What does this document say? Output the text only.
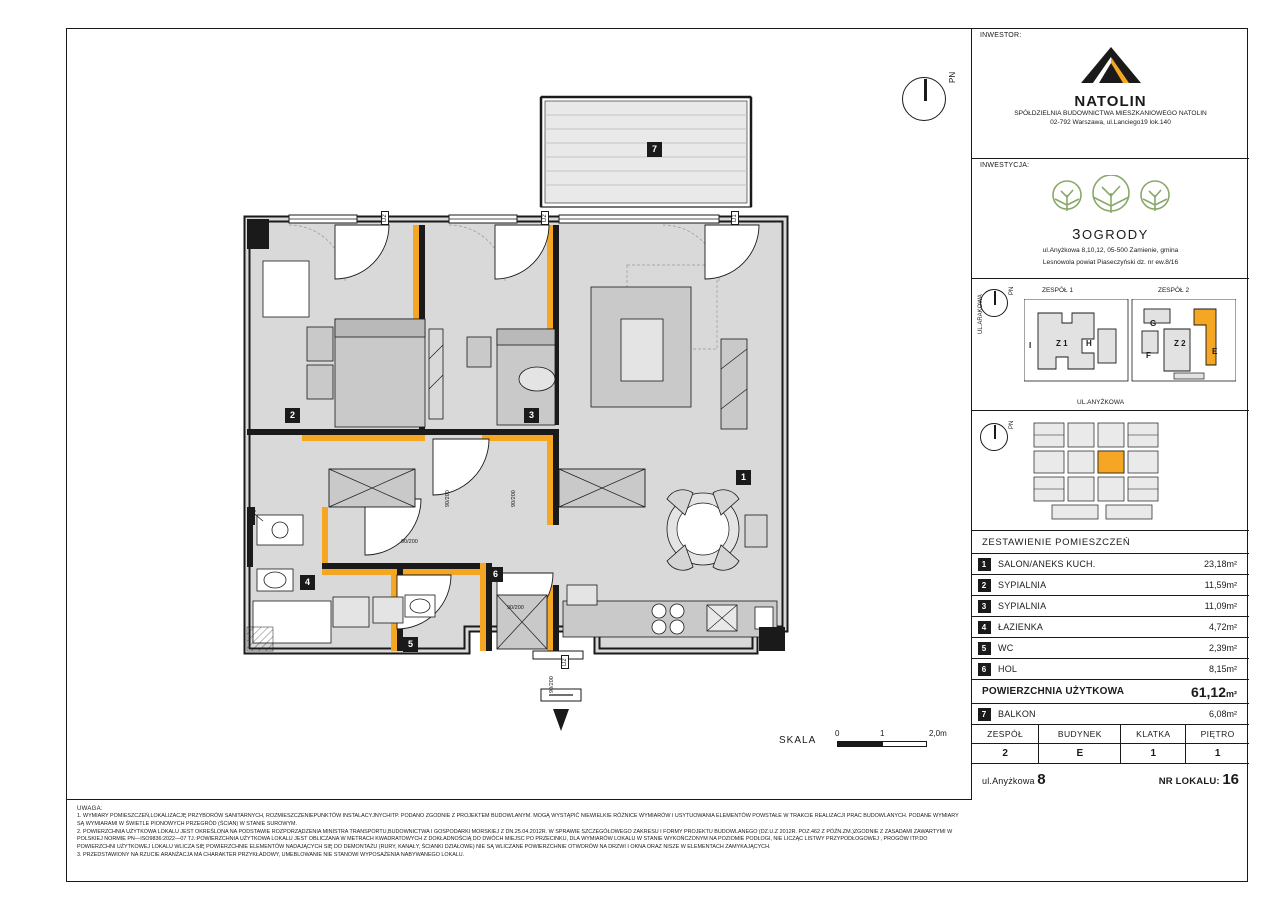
PN
D2	D2	D1
D2
90/200
90/200	90/200
90/200
90/200
1
2	3
4
5
6
7
SKALA
0	1	2,0m
UWAGA:
1. WYMIARY POMIESZCZEŃ,LOKALIZACJĘ PRZYBORÓW SANITARNYCH, ROZMIESZCZENIEPUNKTÓW INSTALACYJNYCHITP. PODANO ZGODNIE Z PROJEKTEM BUDOWLANYM. MOGĄ WYSTĄPIĆ NIEWIELKIE RÓŻNICE WYMIARÓW I USYTUOWANIA ELEMENTÓW POWSTAŁE W TRAKCIE REALIZACJI PRAC BUDOWLANYCH. PODANE WYMIARY SĄ WYMIARAMI W ŚWIETLE PIONOWYCH PRZEGRÓD (ŚCIAN) W STANIE SUROWYM.
2. POWIERZCHNIA UŻYTKOWA LOKALU JEST OKREŚLONA NA PODSTAWIE ROZPORZĄDZENIA MINISTRA TRANSPORTU,BUDOWNICTWA I GOSPODARKI MORSKIEJ Z DN.25.04.2012R. W SPRAWIE SZCZEGÓŁOWEGO ZAKRESU I FORMY PROJEKTU BUDOWLANEGO (DZ.U.Z 2012R. POZ.462 Z PÓŹN.ZM.)ZGODNIE Z ZASADAMI ZAWARTYMI W POLSKIEJ NORMIE PN—ISO9836:2022—07 TJ.:POWIERZCHNIA UŻYTKOWA LOKALU JEST OBLICZANA W METRACH KWADRATOWYCH Z DOKŁADNOŚCIĄ DO DWÓCH MIEJSC PO PRZECINKU, DLA WYMIARÓW LOKALU W STANIE WYKOŃCZONYM NA POZIOMIE PODŁOGI, NIE LICZĄC LISTWY PRZYPODŁOGOWEJ , PROGÓW ITP.DO POWIERZCHNI UŻYTKOWEJ LOKALU WLICZA SIĘ POWIERZCHNIE ELEMENTÓW NADAJĄCYCH SIĘ DO DEMONTAŻU (RURY, KANAŁY, ŚCIANKI DZIAŁOWE) NIE SĄ WLICZANE POWIERZCHNIE OTWORÓW NA DRZWI I OKNA ORAZ NISZE W ELEMENTACH ZAMYKAJĄCYCH.
3. PRZEDSTAWIONY NA RZUCIE ARANŻACJA MA CHARAKTER PRZYKŁADOWY, UMEBLOWANIE NIE STANOWI WYPOSAŻENIA NABYWANEGO LOKALU.
INWESTOR:
NATOLIN
SPÓŁDZIELNIA BUDOWNICTWA MIESZKANIOWEGO NATOLIN
02-792 Warszawa, ul.Lanciego19 lok.140
INWESTYCJA:
3OGRODY
ul.Anyżkowa 8,10,12, 05-500 Zamienie, gmina
Lesnowola powiat Piaseczyński dz. nr ew.8/16
PN	ZESPÓŁ 1	ZESPÓŁ 2
I	Z 1 H
G
F
Z 2
E
UL.ARAKOWA
UL.ANYŻKOWA
PN
ZESTAWIENIE POMIESZCZEŃ
1	SALON/ANEKS KUCH.	23,18m²
2	SYPIALNIA	11,59m²
3	SYPIALNIA	11,09m²
4	ŁAZIENKA	4,72m²
5	WC	2,39m²
6	HOL	8,15m²
POWIERZCHNIA UŻYTKOWA		61,12m²
7	BALKON	6,08m²
ZESPÓŁ	BUDYNEK	KLATKA	PIĘTRO
2	E	1	1
ul.Anyżkowa 8	NR LOKALU: 16
